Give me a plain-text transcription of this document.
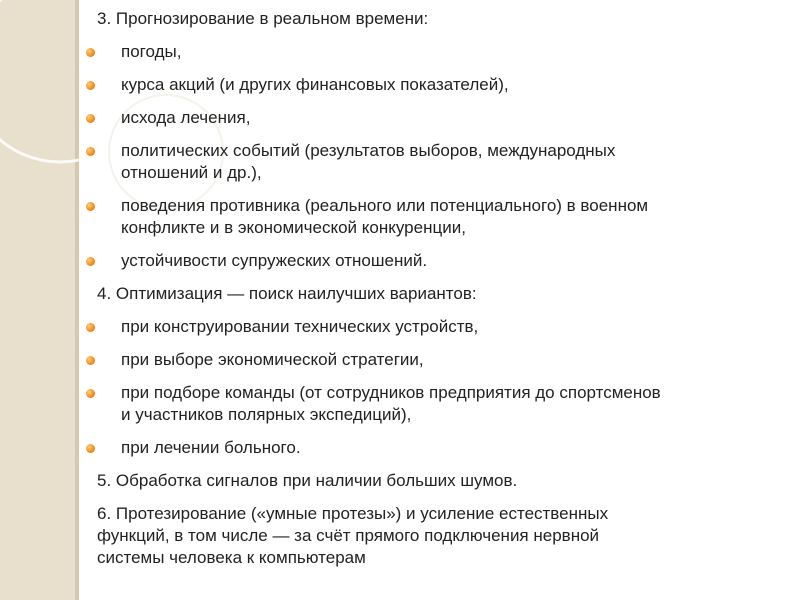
3. Прогнозирование в реальном времени:
погоды,
курса акций (и других финансовых показателей),
исхода лечения,
политических событий (результатов выборов, международных
отношений и др.),
поведения противника (реального или потенциального) в военном
конфликте и в экономической конкуренции,
устойчивости супружеских отношений.
4. Оптимизация — поиск наилучших вариантов:
при конструировании технических устройств,
при выборе экономической стратегии,
при подборе команды (от сотрудников предприятия до спортсменов
и участников полярных экспедиций),
при лечении больного.
5. Обработка сигналов при наличии больших шумов.
6. Протезирование («умные протезы») и усиление естественных
функций, в том числе — за счёт прямого подключения нервной
системы человека к компьютерам
